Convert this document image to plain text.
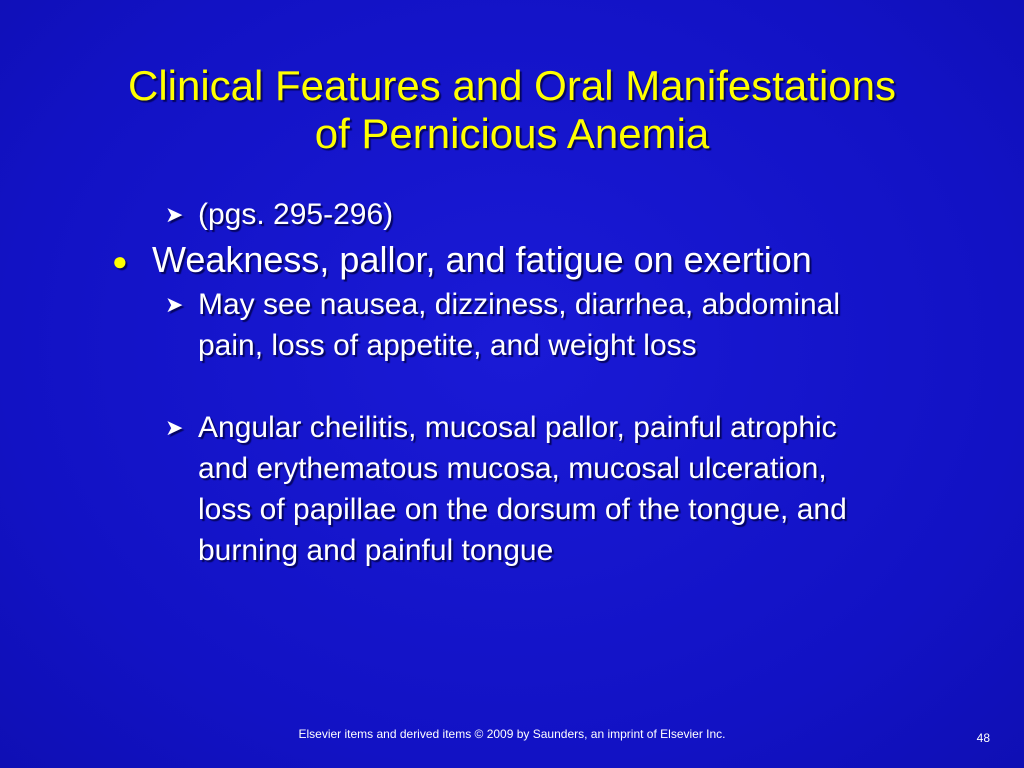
Clinical Features and Oral Manifestations
of Pernicious Anemia
➤ (pgs. 295-296)
● Weakness, pallor, and fatigue on exertion
➤ May see nausea, dizziness, diarrhea, abdominal pain, loss of appetite, and weight loss
➤ Angular cheilitis, mucosal pallor, painful atrophic and erythematous mucosa, mucosal ulceration, loss of papillae on the dorsum of the tongue, and burning and painful tongue
Elsevier items and derived items © 2009 by Saunders, an imprint of Elsevier Inc.	48
